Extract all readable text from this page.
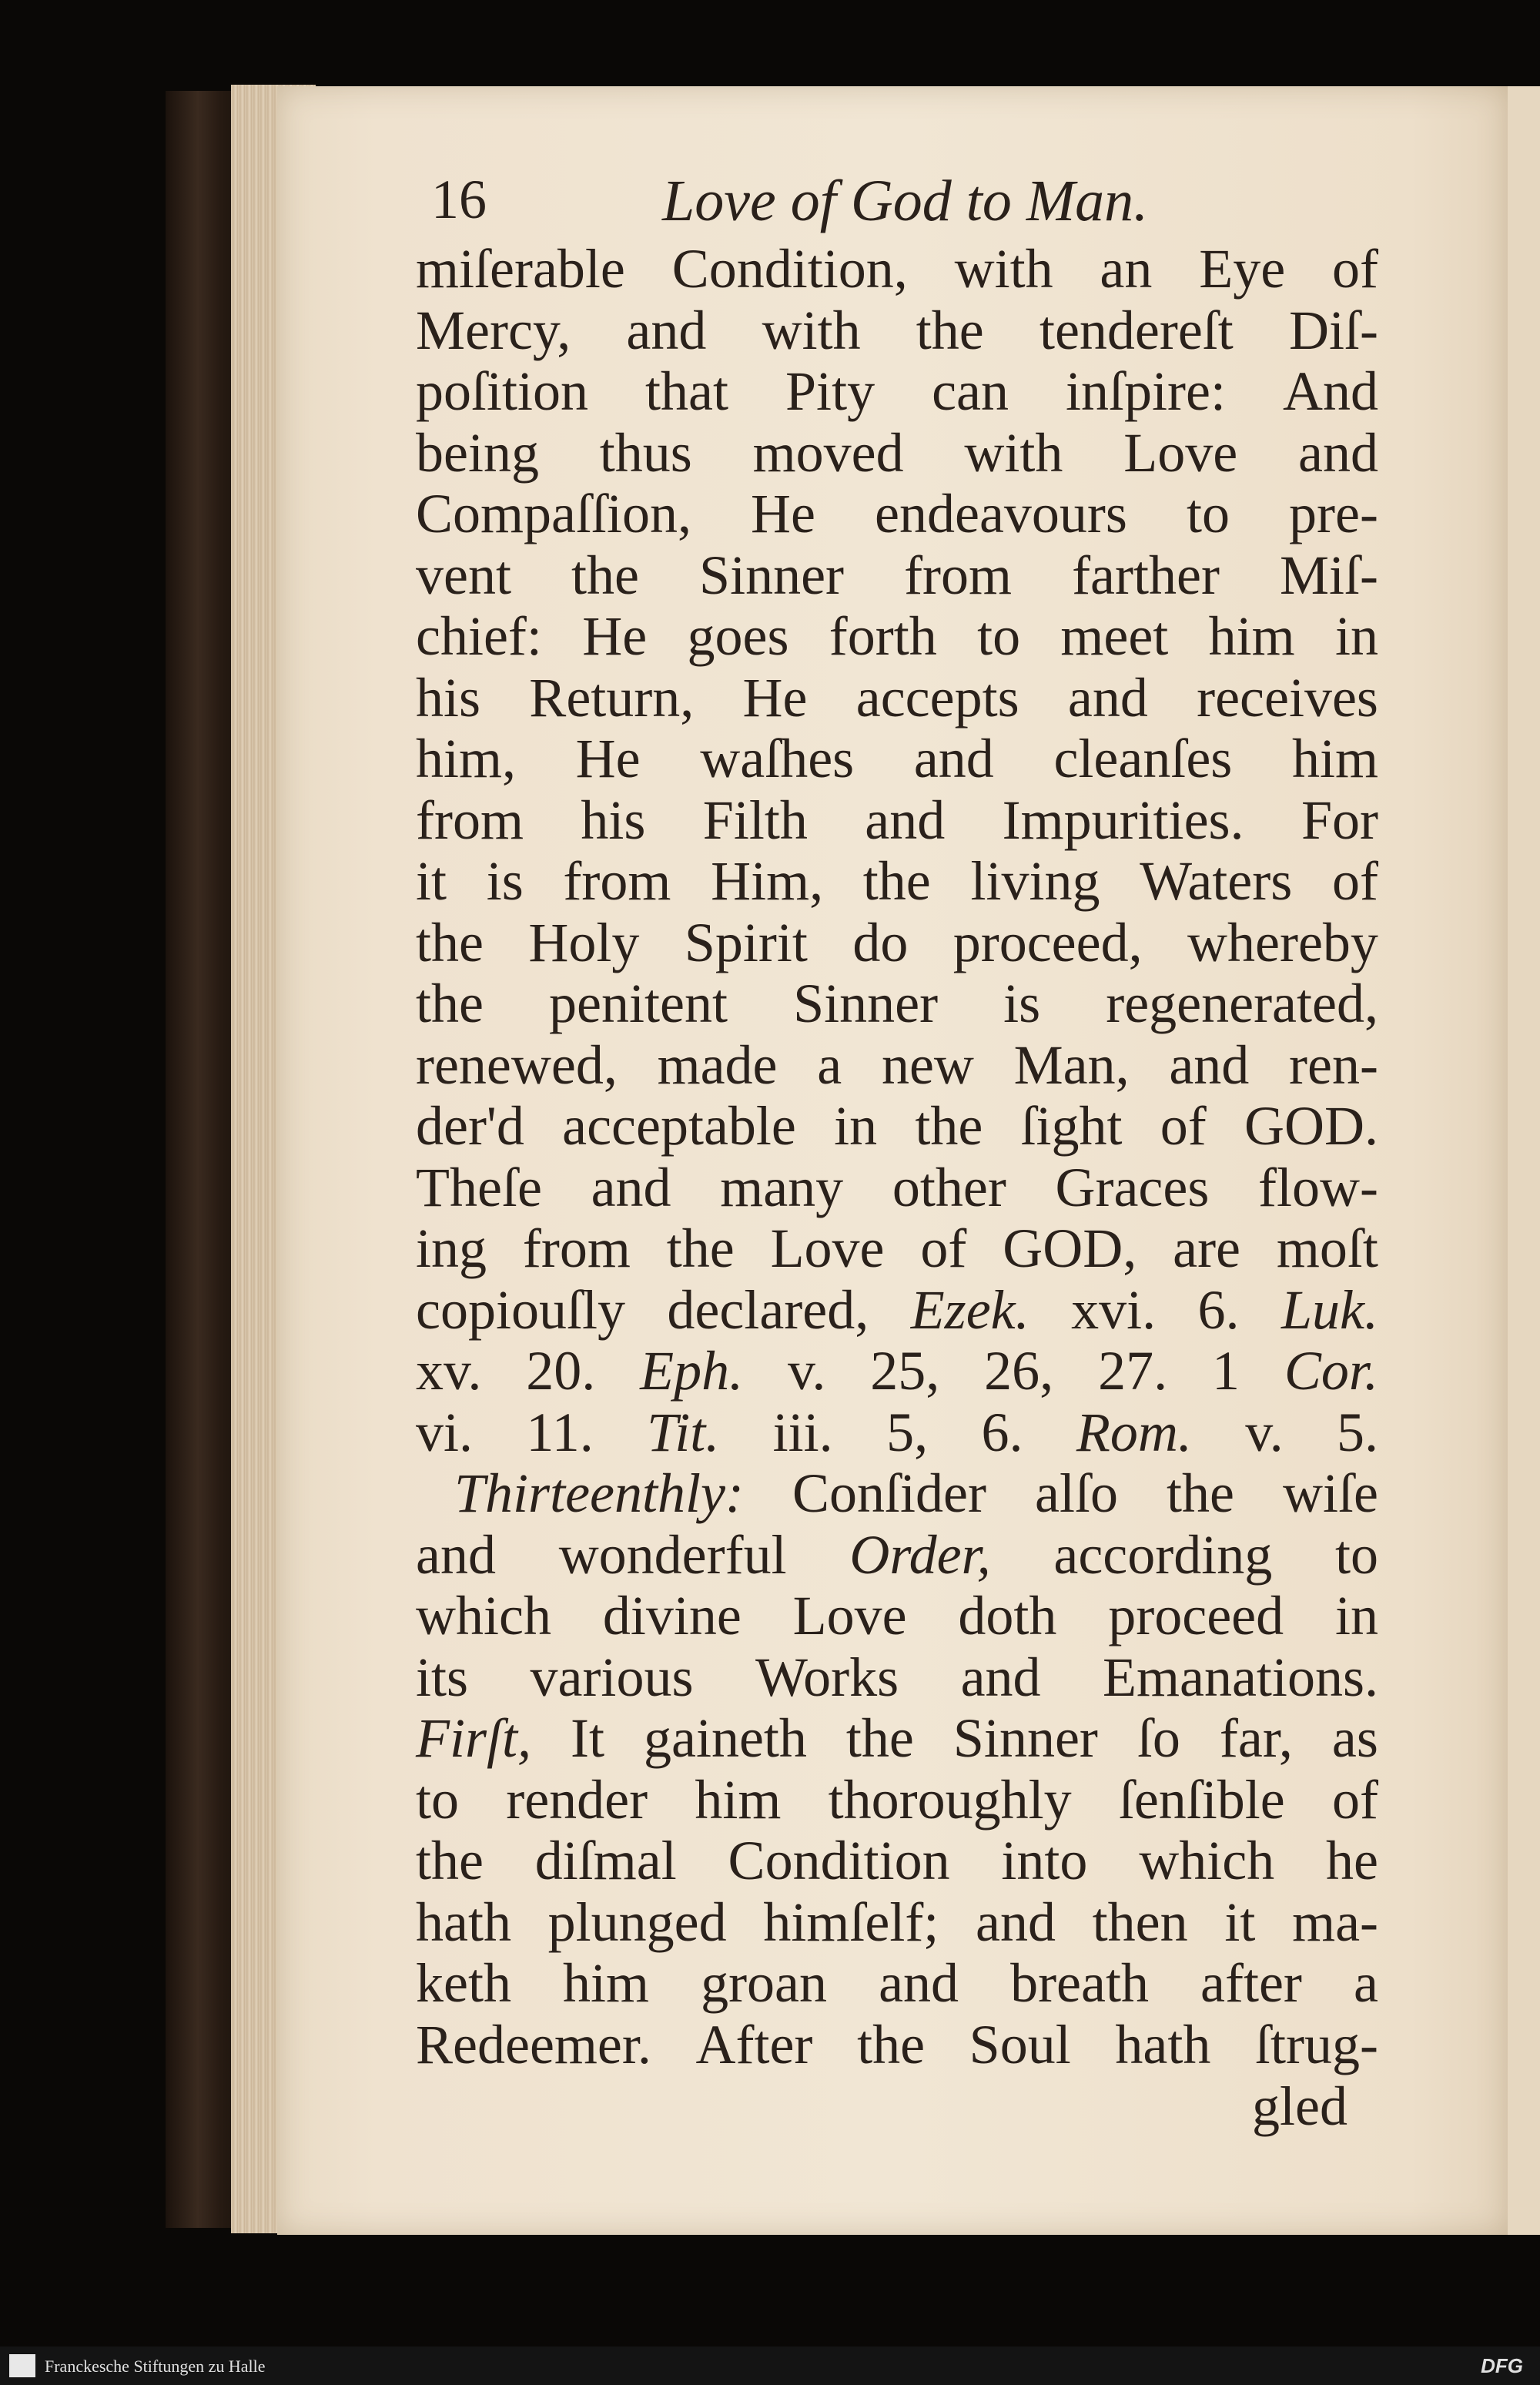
16	Love of God to Man.
miſerable Condition, with an Eye of
Mercy, and with the tendereſt Diſ-
poſition that Pity can inſpire: And
being thus moved with Love and
Compaſſion, He endeavours to pre-
vent the Sinner from farther Miſ-
chief: He goes forth to meet him in
his Return, He accepts and receives
him, He waſhes and cleanſes him
from his Filth and Impurities. For
it is from Him, the living Waters of
the Holy Spirit do proceed, whereby
the penitent Sinner is regenerated,
renewed, made a new Man, and ren-
der'd acceptable in the ſight of GOD.
Theſe and many other Graces flow-
ing from the Love of GOD, are moſt
copiouſly declared, Ezek. xvi. 6. Luk.
xv. 20. Eph. v. 25, 26, 27. 1 Cor.
vi. 11. Tit. iii. 5, 6. Rom. v. 5.
Thirteenthly: Conſider alſo the wiſe
and wonderful Order, according to
which divine Love doth proceed in
its various Works and Emanations.
Firſt, It gaineth the Sinner ſo far, as
to render him thoroughly ſenſible of
the diſmal Condition into which he
hath plunged himſelf; and then it ma-
keth him groan and breath after a
Redeemer. After the Soul hath ſtrug-
gled
Franckesche Stiftungen zu Halle	DFG
